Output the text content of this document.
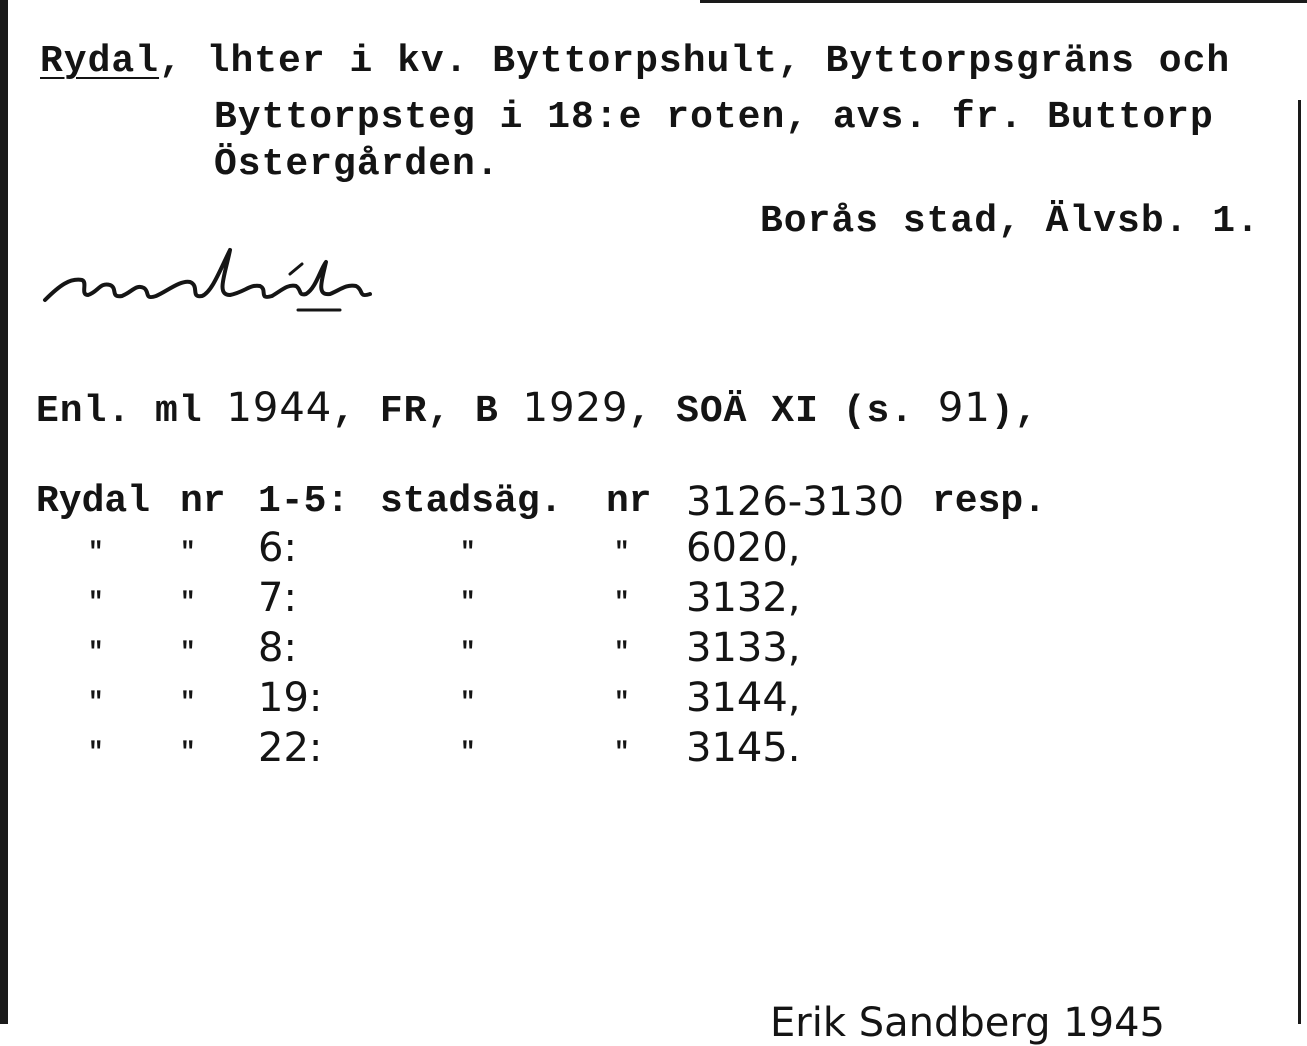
Rydal, lhter i kv. Byttorpshult, Byttorpsgräns och
Byttorpsteg i 18:e roten, avs. fr. Buttorp
Östergården.
Borås stad, Älvsb. 1.
Enl. ml 1944, FR, B 1929, SOÄ XI (s. 91),
Rydal nr 1-5: stadsäg. nr 3126-3130 resp.
"	" 6:	"	" 6020,
"	" 7:	"	" 3132,
"	" 8:	"	" 3133,
"	" 19:	"	" 3144,
"	" 22:	"	" 3145.
Erik Sandberg 1945
